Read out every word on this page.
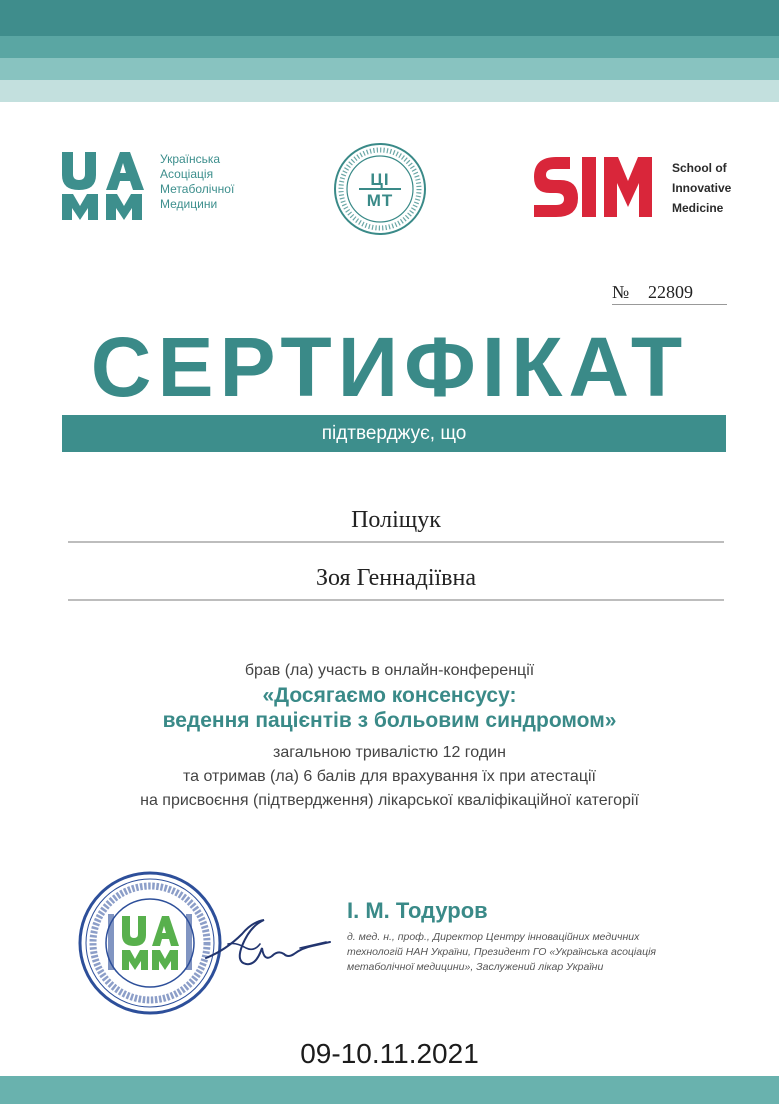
Українська
Асоціація
Метаболічної
Медицини
ЦІ
МТ
School of
Innovative
Medicine
№ 22809
СЕРТИФІКАТ
підтверджує, що
Поліщук
Зоя Геннадіївна
брав (ла) участь в онлайн-конференції
«Досягаємо консенсусу:
ведення пацієнтів з больовим синдромом»
загальною тривалістю 12 годин
та отримав (ла) 6 балів для врахування їх при атестації
на присвоєння (підтвердження) лікарської кваліфікаційної категорії
І. М. Тодуров
д. мед. н., проф., Директор Центру інноваційних медичних технологій НАН України, Президент ГО «Українська асоціація метаболічної медицини», Заслужений лікар України
09-10.11.2021
